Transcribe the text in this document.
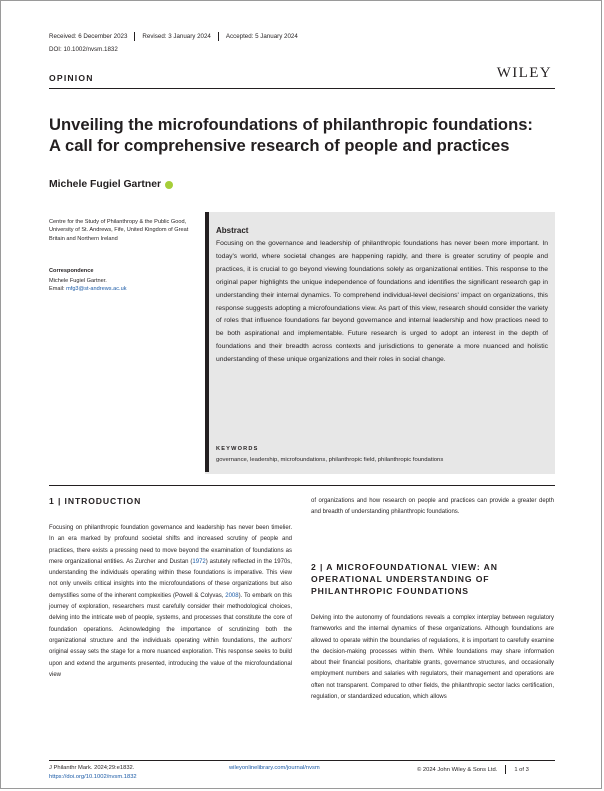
Received: 6 December 2023 Revised: 3 January 2024 Accepted: 5 January 2024
DOI: 10.1002/nvsm.1832
OPINION	WILEY
Unveiling the microfoundations of philanthropic foundations:
A call for comprehensive research of people and practices
Michele Fugiel Gartner
Centre for the Study of Philanthropy & the Public Good, University of St. Andrews, Fife, United Kingdom of Great Britain and Northern Ireland
Correspondence
Michele Fugiel Gartner.
Email: mfg3@st-andrews.ac.uk
Abstract
Focusing on the governance and leadership of philanthropic foundations has never been more important. In today's world, where societal changes are happening rapidly, and there is greater scrutiny of people and practices, it is crucial to go beyond viewing foundations solely as organizational entities. This response to the original paper highlights the unique independence of foundations and identifies the significant research gap in understanding their internal dynamics. To comprehend individual-level decisions' impact on organizations, this response suggests adopting a microfoundations view. As part of this view, research should consider the variety of roles that influence foundations far beyond governance and internal leadership and how practices need to be both aspirational and implementable. Future research is urged to adopt an interest in the depth of foundations and their breadth across contexts and jurisdictions to generate a more nuanced and holistic understanding of these unique organizations and their roles in social change.
KEYWORDS
governance, leadership, microfoundations, philanthropic field, philanthropic foundations
1 | INTRODUCTION
Focusing on philanthropic foundation governance and leadership has never been timelier. In an era marked by profound societal shifts and increased scrutiny of people and practices, there exists a pressing need to move beyond the examination of foundations as mere organizational entities. As Zurcher and Dustan (1972) astutely reflected in the 1970s, understanding the individuals operating within these foundations is imperative. This view not only unveils critical insights into the microfoundations of these organizations but also demystifies some of the inherent complexities (Powell & Colyvas, 2008). To embark on this journey of exploration, researchers must carefully consider their methodological choices, delving into the intricate web of people, systems, and processes that constitute the core of foundation operations. Acknowledging the importance of scrutinizing both the organizational structure and the individuals operating within foundations, the authors' original essay sets the stage for a more nuanced exploration. This response seeks to build upon and extend the arguments presented, introducing the value of the microfoundational view
of organizations and how research on people and practices can provide a greater depth and breadth of understanding philanthropic foundations.
2 | A MICROFOUNDATIONAL VIEW: AN OPERATIONAL UNDERSTANDING OF PHILANTHROPIC FOUNDATIONS
Delving into the autonomy of foundations reveals a complex interplay between regulatory frameworks and the internal dynamics of these organizations. Although foundations are allowed to operate within the boundaries of regulations, it is important to carefully examine the decision-making processes within them. While foundations may share information about their financial positions, charitable grants, governance structures, and occasionally employment numbers and salaries with regulators, their management and operations are often not transparent. Compared to other fields, the philanthropic sector lacks certification, regulation, or standardized education, which allows
J Philanthr Mark. 2024;29:e1832.
https://doi.org/10.1002/nvsm.1832
wileyonlinelibrary.com/journal/nvsm	© 2024 John Wiley & Sons Ltd.	1 of 3
